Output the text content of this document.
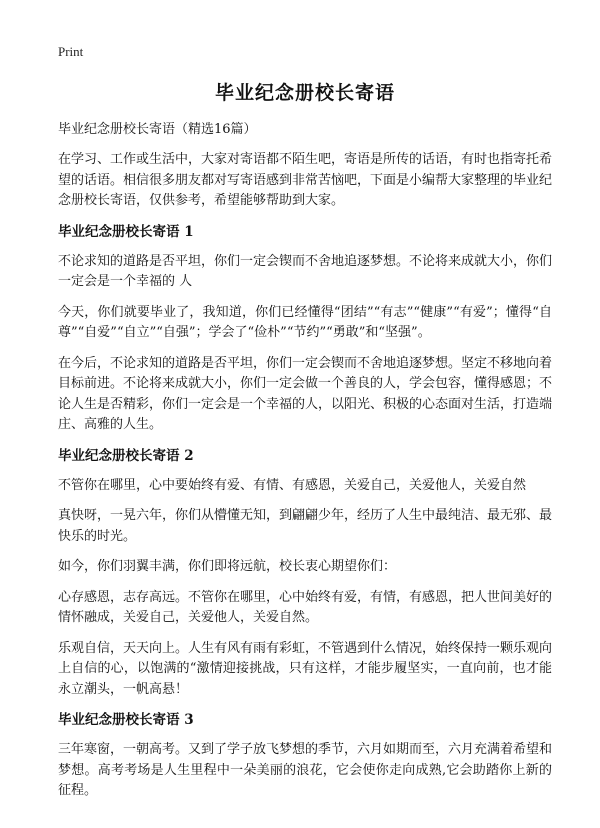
Print
毕业纪念册校长寄语
毕业纪念册校长寄语（精选16篇）

在学习、工作或生活中，大家对寄语都不陌生吧，寄语是所传的话语，有时也指寄托希望的话语。相信很多朋友都对写寄语感到非常苦恼吧，下面是小编帮大家整理的毕业纪念册校长寄语，仅供参考，希望能够帮助到大家。

毕业纪念册校长寄语 1

不论求知的道路是否平坦，你们一定会锲而不舍地追逐梦想。不论将来成就大小，你们一定会是一个幸福的 人

今天，你们就要毕业了，我知道，你们已经懂得“团结”“有志”“健康”“有爱”；懂得“自尊”“自爱”“自立”“自强”；学会了“俭朴”“节约”“勇敢”和“坚强”。

在今后，不论求知的道路是否平坦，你们一定会锲而不舍地追逐梦想。坚定不移地向着目标前进。不论将来成就大小，你们一定会做一个善良的人，学会包容，懂得感恩；不论人生是否精彩，你们一定会是一个幸福的人，以阳光、积极的心态面对生活，打造端庄、高雅的人生。

毕业纪念册校长寄语 2

不管你在哪里，心中要始终有爱、有情、有感恩，关爱自己，关爱他人，关爱自然

真快呀，一晃六年，你们从懵懂无知，到翩翩少年，经历了人生中最纯洁、最无邪、最快乐的时光。

如今，你们羽翼丰满，你们即将远航，校长衷心期望你们：

心存感恩，志存高远。不管你在哪里，心中始终有爱，有情，有感恩，把人世间美好的情怀融成，关爱自己，关爱他人，关爱自然。

乐观自信，天天向上。人生有风有雨有彩虹，不管遇到什么情况，始终保持一颗乐观向上自信的心，以饱满的“激情迎接挑战，只有这样，才能步履坚实，一直向前，也才能永立潮头，一帆高悬！

毕业纪念册校长寄语 3

三年寒窗，一朝高考。又到了学子放飞梦想的季节，六月如期而至，六月充满着希望和梦想。高考考场是人生里程中一朵美丽的浪花，它会使你走向成熟,它会助踏你上新的征程。
